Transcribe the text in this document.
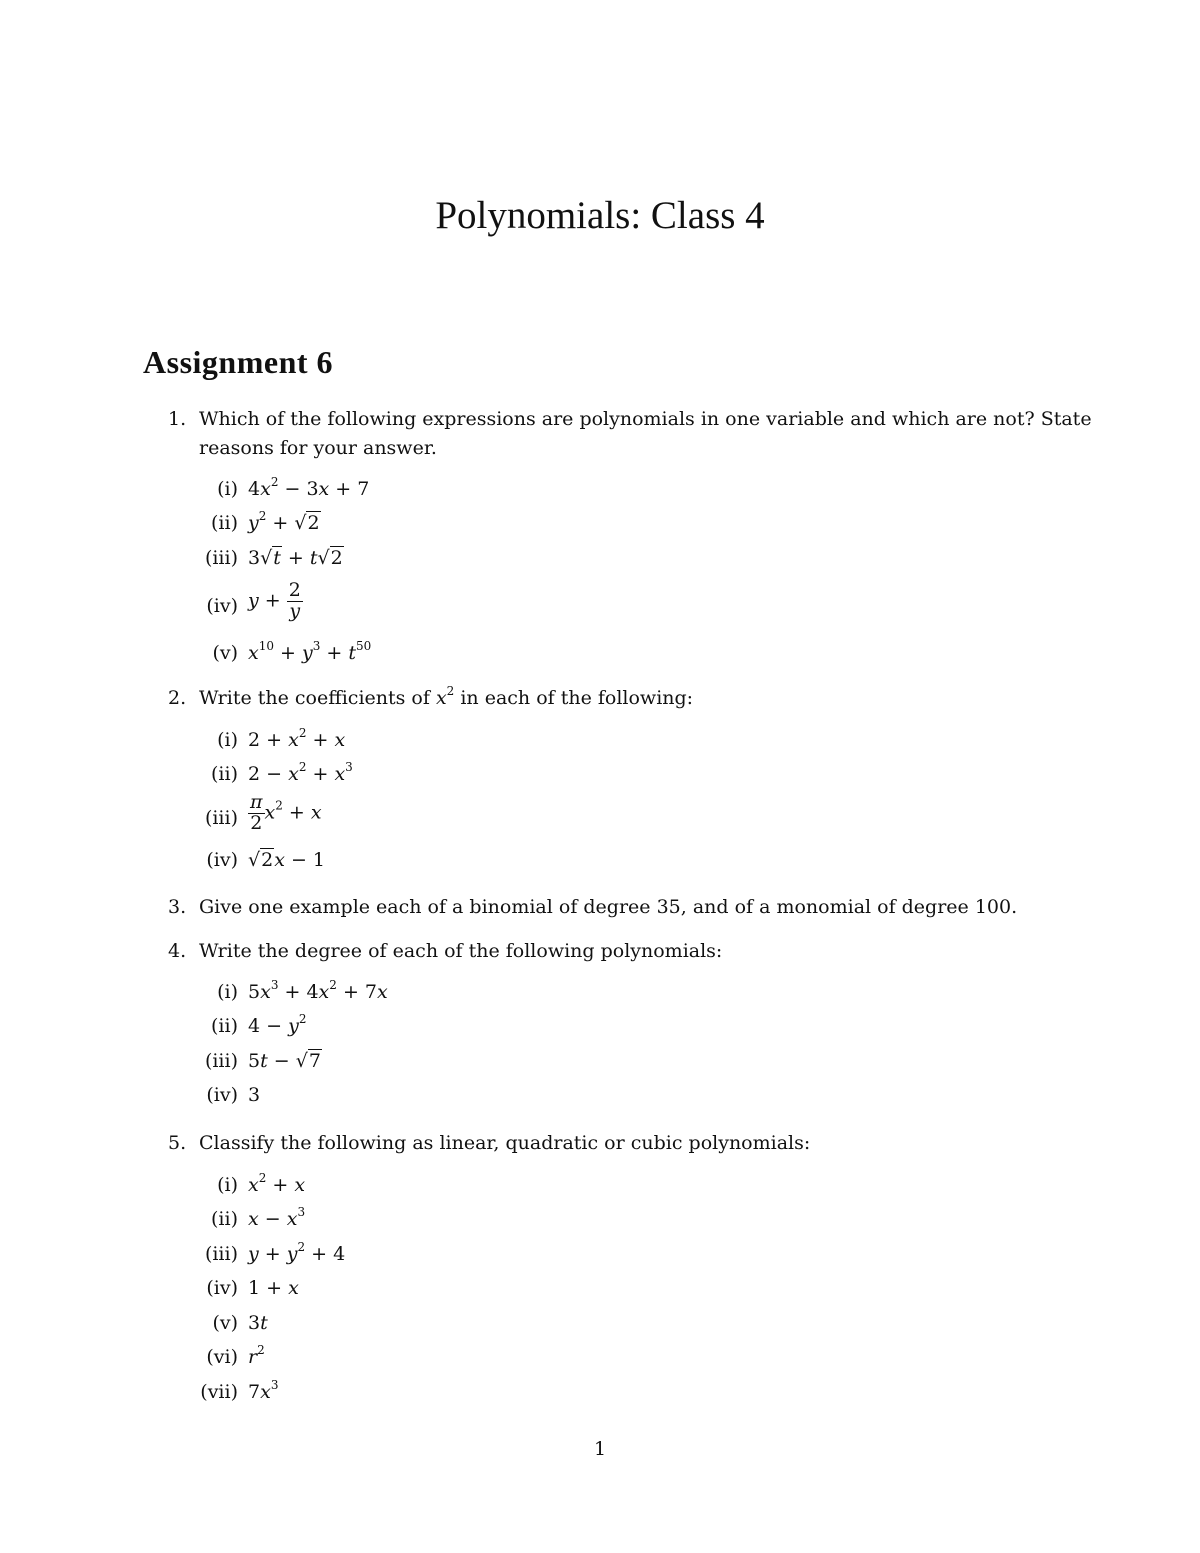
Polynomials: Class 4
Assignment 6
1. Which of the following expressions are polynomials in one variable and which are not? State reasons for your answer.
(i) $4x^2 - 3x + 7$
(ii) $y^2 + √2$
(iii) 3√t + t√2
(iv) $y + \frac{2}{y}$
(v) $x^{10} + y^3 + t^{50}$
2. Write the coefficients of $x^2$ in each of the following:
(i) $2 + x^2 + x$
(ii) $2 - x^2 + x^3$
$(iii) \frac{\pi}{2} x^2 + x$
(iv) √2x − 1
3. Give one example each of a binomial of degree 35, and of a monomial of degree 100.
4. Write the degree of each of the following polynomials:
(i) $5x^3 + 4x^2 + 7x$
(ii) $4 - y^2$
(iii) 5t − √7
(iv) 3
5. Classify the following as linear, quadratic or cubic polynomials:
(i) $x^2 + x$
(ii) $x - x^3$
(iii) $y + y^2 + 4$
(iv) 1 + x
(v) 3t
(vi) $r^2$
(vii) $7x^3$
1
